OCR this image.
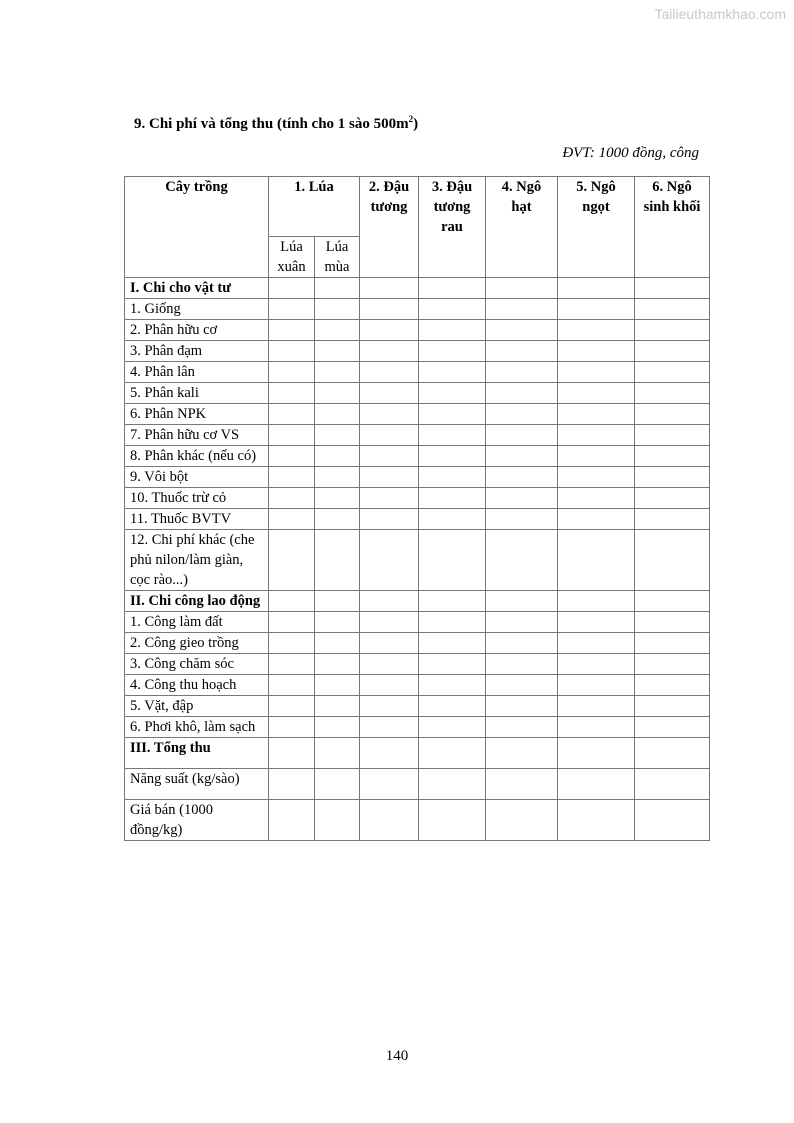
Tailieuthamkhao.com
9. Chi phí và tổng thu (tính cho 1 sào $500m^2$)
ĐVT: 1000 đồng, công
Cây trồng	1. Lúa		2. Đậu tương	3. Đậu tương rau	4. Ngô hạt	5. Ngô ngọt	6. Ngô sinh khối
	Lúa xuân	Lúa mùa					
I. Chi cho vật tư							
1. Giống							
2. Phân hữu cơ							
3. Phân đạm							
4. Phân lân							
5. Phân kali							
6. Phân NPK							
7. Phân hữu cơ VS							
8. Phân khác (nếu có)							
9. Vôi bột							
10. Thuốc trừ cỏ							
11. Thuốc BVTV							
12. Chi phí khác (che phủ nilon/làm giàn, cọc rào...)							
II. Chi công lao động							
1. Công làm đất							
2. Công gieo trồng							
3. Công chăm sóc							
4. Công thu hoạch							
5. Vặt, đập							
6. Phơi khô, làm sạch							
III. Tổng thu							
Năng suất (kg/sào)							
Giá bán (1000 đồng/kg)							
140
